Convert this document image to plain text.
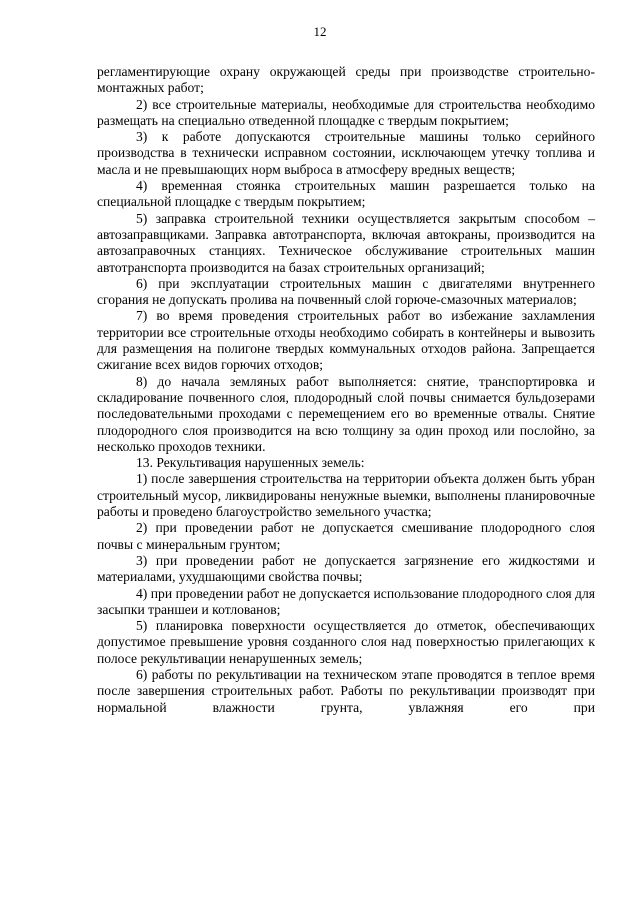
12

регламентирующие охрану окружающей среды при производстве строительно-монтажных работ;

2) все строительные материалы, необходимые для строительства необходимо размещать на специально отведенной площадке с твердым покрытием;

3) к работе допускаются строительные машины только серийного производства в технически исправном состоянии, исключающем утечку топлива и масла и не превышающих норм выброса в атмосферу вредных веществ;

4) временная стоянка строительных машин разрешается только на специальной площадке с твердым покрытием;

5) заправка строительной техники осуществляется закрытым способом – автозаправщиками. Заправка автотранспорта, включая автокраны, производится на автозаправочных станциях. Техническое обслуживание строительных машин автотранспорта производится на базах строительных организаций;

6) при эксплуатации строительных машин с двигателями внутреннего сгорания не допускать пролива на почвенный слой горюче-смазочных материалов;

7) во время проведения строительных работ во избежание захламления территории все строительные отходы необходимо собирать в контейнеры и вывозить для размещения на полигоне твердых коммунальных отходов района. Запрещается сжигание всех видов горючих отходов;

8) до начала земляных работ выполняется: снятие, транспортировка и складирование почвенного слоя, плодородный слой почвы снимается бульдозерами последовательными проходами с перемещением его во временные отвалы. Снятие плодородного слоя производится на всю толщину за один проход или послойно, за несколько проходов техники.

13. Рекультивация нарушенных земель:

1) после завершения строительства на территории объекта должен быть убран строительный мусор, ликвидированы ненужные выемки, выполнены планировочные работы и проведено благоустройство земельного участка;

2) при проведении работ не допускается смешивание плодородного слоя почвы с минеральным грунтом;

3) при проведении работ не допускается загрязнение его жидкостями и материалами, ухудшающими свойства почвы;

4) при проведении работ не допускается использование плодородного слоя для засыпки траншеи и котлованов;

5) планировка поверхности осуществляется до отметок, обеспечивающих допустимое превышение уровня созданного слоя над поверхностью прилегающих к полосе рекультивации ненарушенных земель;

6) работы по рекультивации на техническом этапе проводятся в теплое время после завершения строительных работ. Работы по рекультивации производят при нормальной влажности грунта, увлажняя его при
